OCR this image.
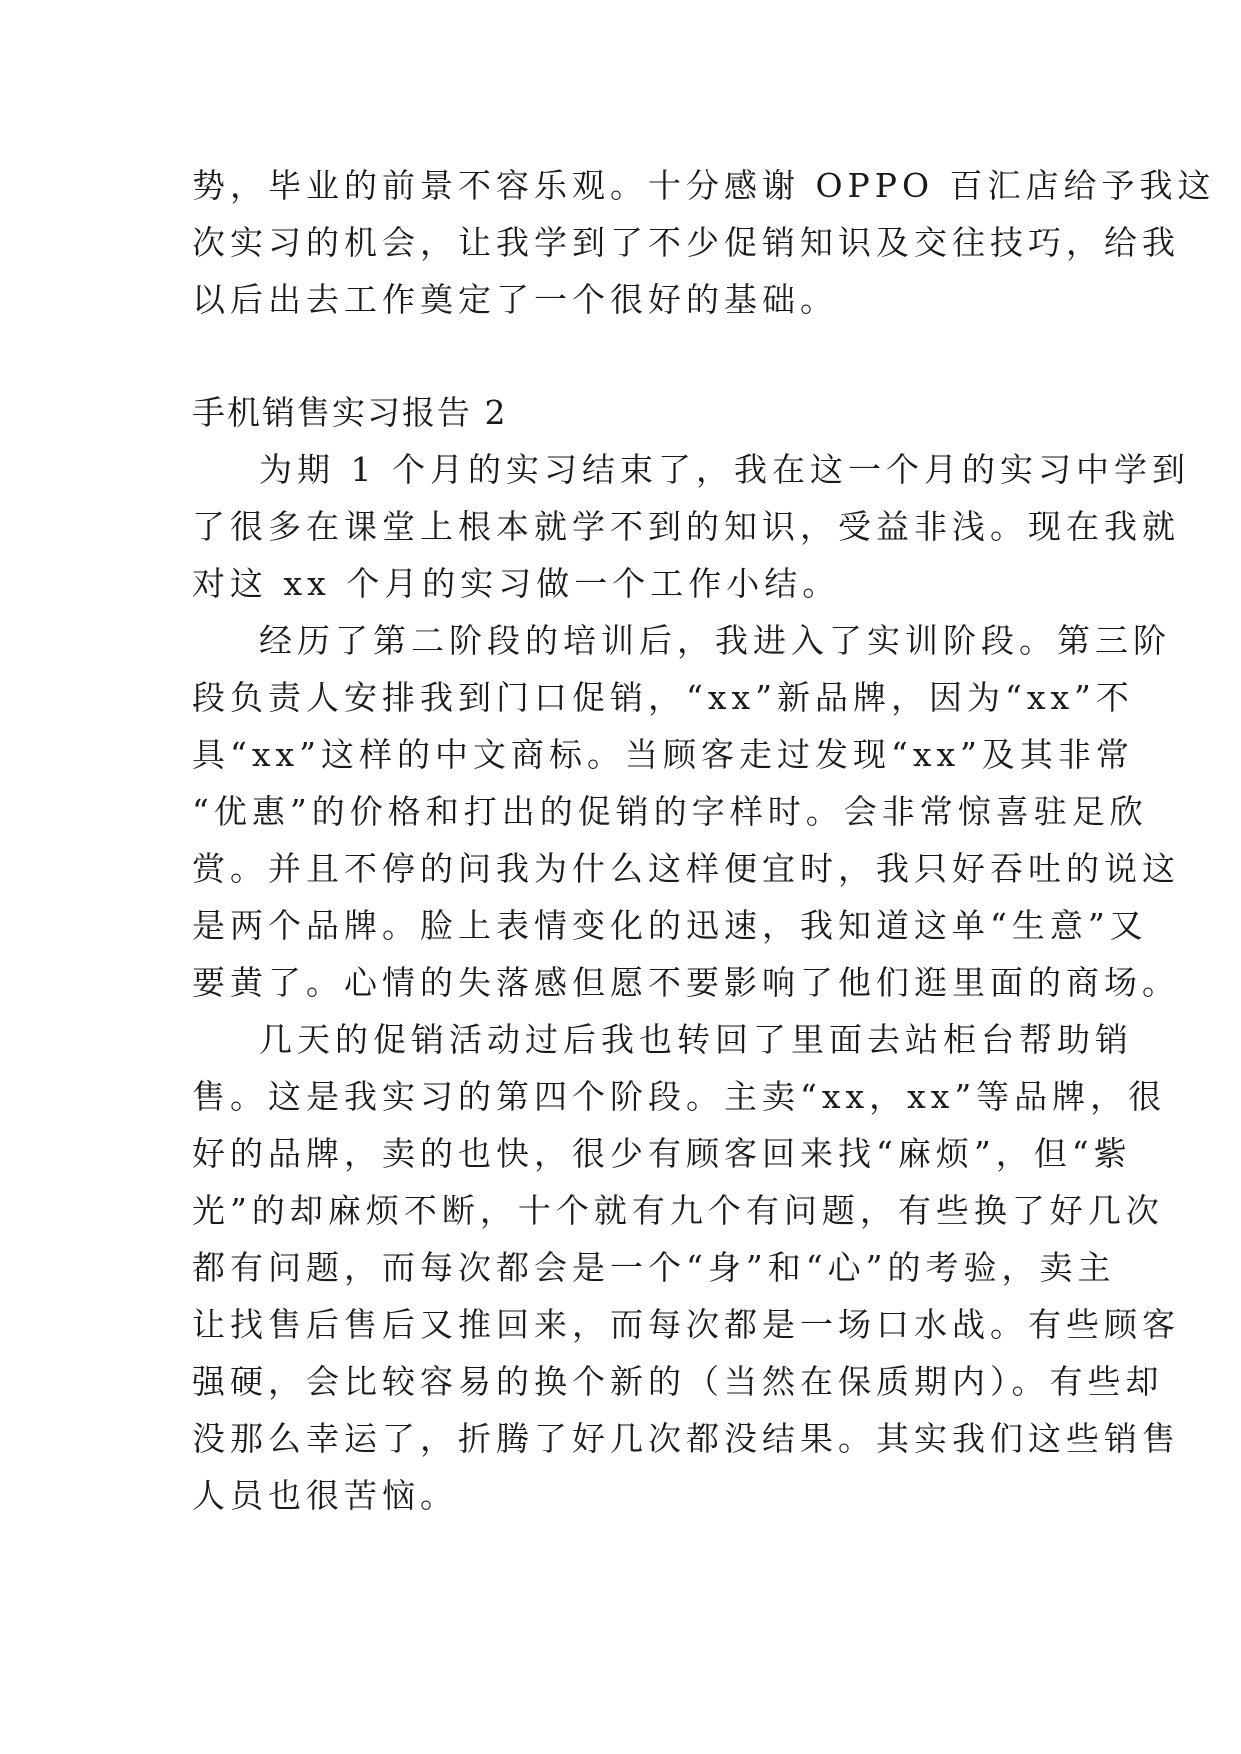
势，毕业的前景不容乐观。十分感谢 OPPO 百汇店给予我这
次实习的机会，让我学到了不少促销知识及交往技巧，给我
以后出去工作奠定了一个很好的基础。
手机销售实习报告 2
为期 1 个月的实习结束了，我在这一个月的实习中学到
了很多在课堂上根本就学不到的知识，受益非浅。现在我就
对这 xx 个月的实习做一个工作小结。
经历了第二阶段的培训后，我进入了实训阶段。第三阶
段负责人安排我到门口促销，“xx”新品牌，因为“xx”不
具“xx”这样的中文商标。当顾客走过发现“xx”及其非常
“优惠”的价格和打出的促销的字样时。会非常惊喜驻足欣
赏。并且不停的问我为什么这样便宜时，我只好吞吐的说这
是两个品牌。脸上表情变化的迅速，我知道这单“生意”又
要黄了。心情的失落感但愿不要影响了他们逛里面的商场。
几天的促销活动过后我也转回了里面去站柜台帮助销
售。这是我实习的第四个阶段。主卖“xx，xx”等品牌，很
好的品牌，卖的也快，很少有顾客回来找“麻烦”，但“紫
光”的却麻烦不断，十个就有九个有问题，有些换了好几次
都有问题，而每次都会是一个“身”和“心”的考验，卖主
让找售后售后又推回来，而每次都是一场口水战。有些顾客
强硬，会比较容易的换个新的（当然在保质期内）。有些却
没那么幸运了，折腾了好几次都没结果。其实我们这些销售
人员也很苦恼。
